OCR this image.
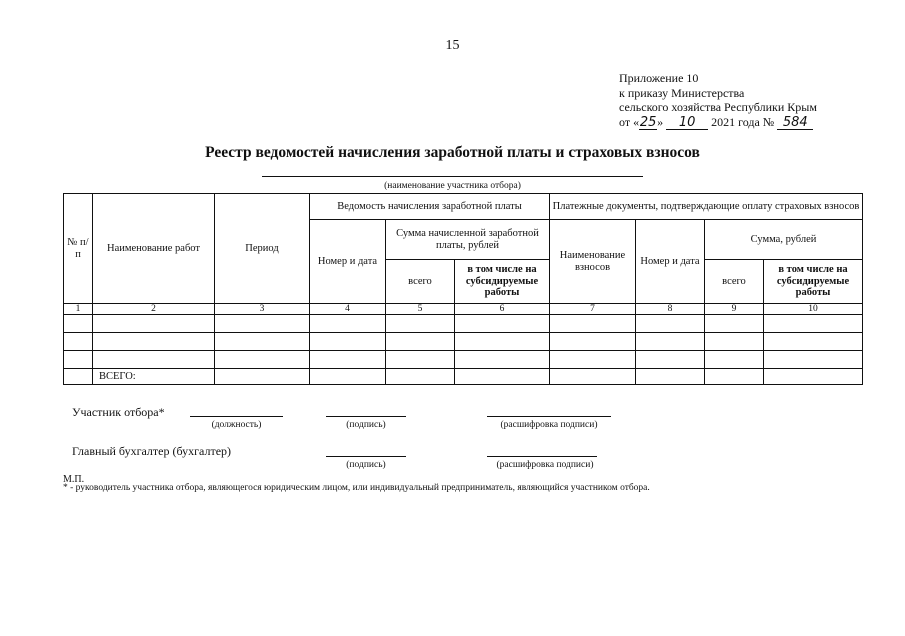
15
Приложение 10
к приказу Министерства
сельского хозяйства Республики Крым
от «25» 10 2021 года № 584
Реестр ведомостей начисления заработной платы и страховых взносов
(наименование участника отбора)
№ п/п	Наименование работ	Период	Ведомость начисления заработной платы			Платежные документы, подтверждающие оплату страховых взносов			
			Номер и дата	Сумма начисленной заработной платы, рублей		Наименование взносов	Номер и дата	Сумма, рублей	
				всего	в том числе на субсидируемые работы			всего	в том числе на субсидируемые работы
1	2	3	4	5	6	7	8	9	10

	ВСЕГО:								
Участник отбора*
(должность)	(подпись)	(расшифровка подписи)
Главный бухгалтер (бухгалтер)
(подпись)	(расшифровка подписи)
М.П.
* - руководитель участника отбора, являющегося юридическим лицом, или индивидуальный предприниматель, являющийся участником отбора.
